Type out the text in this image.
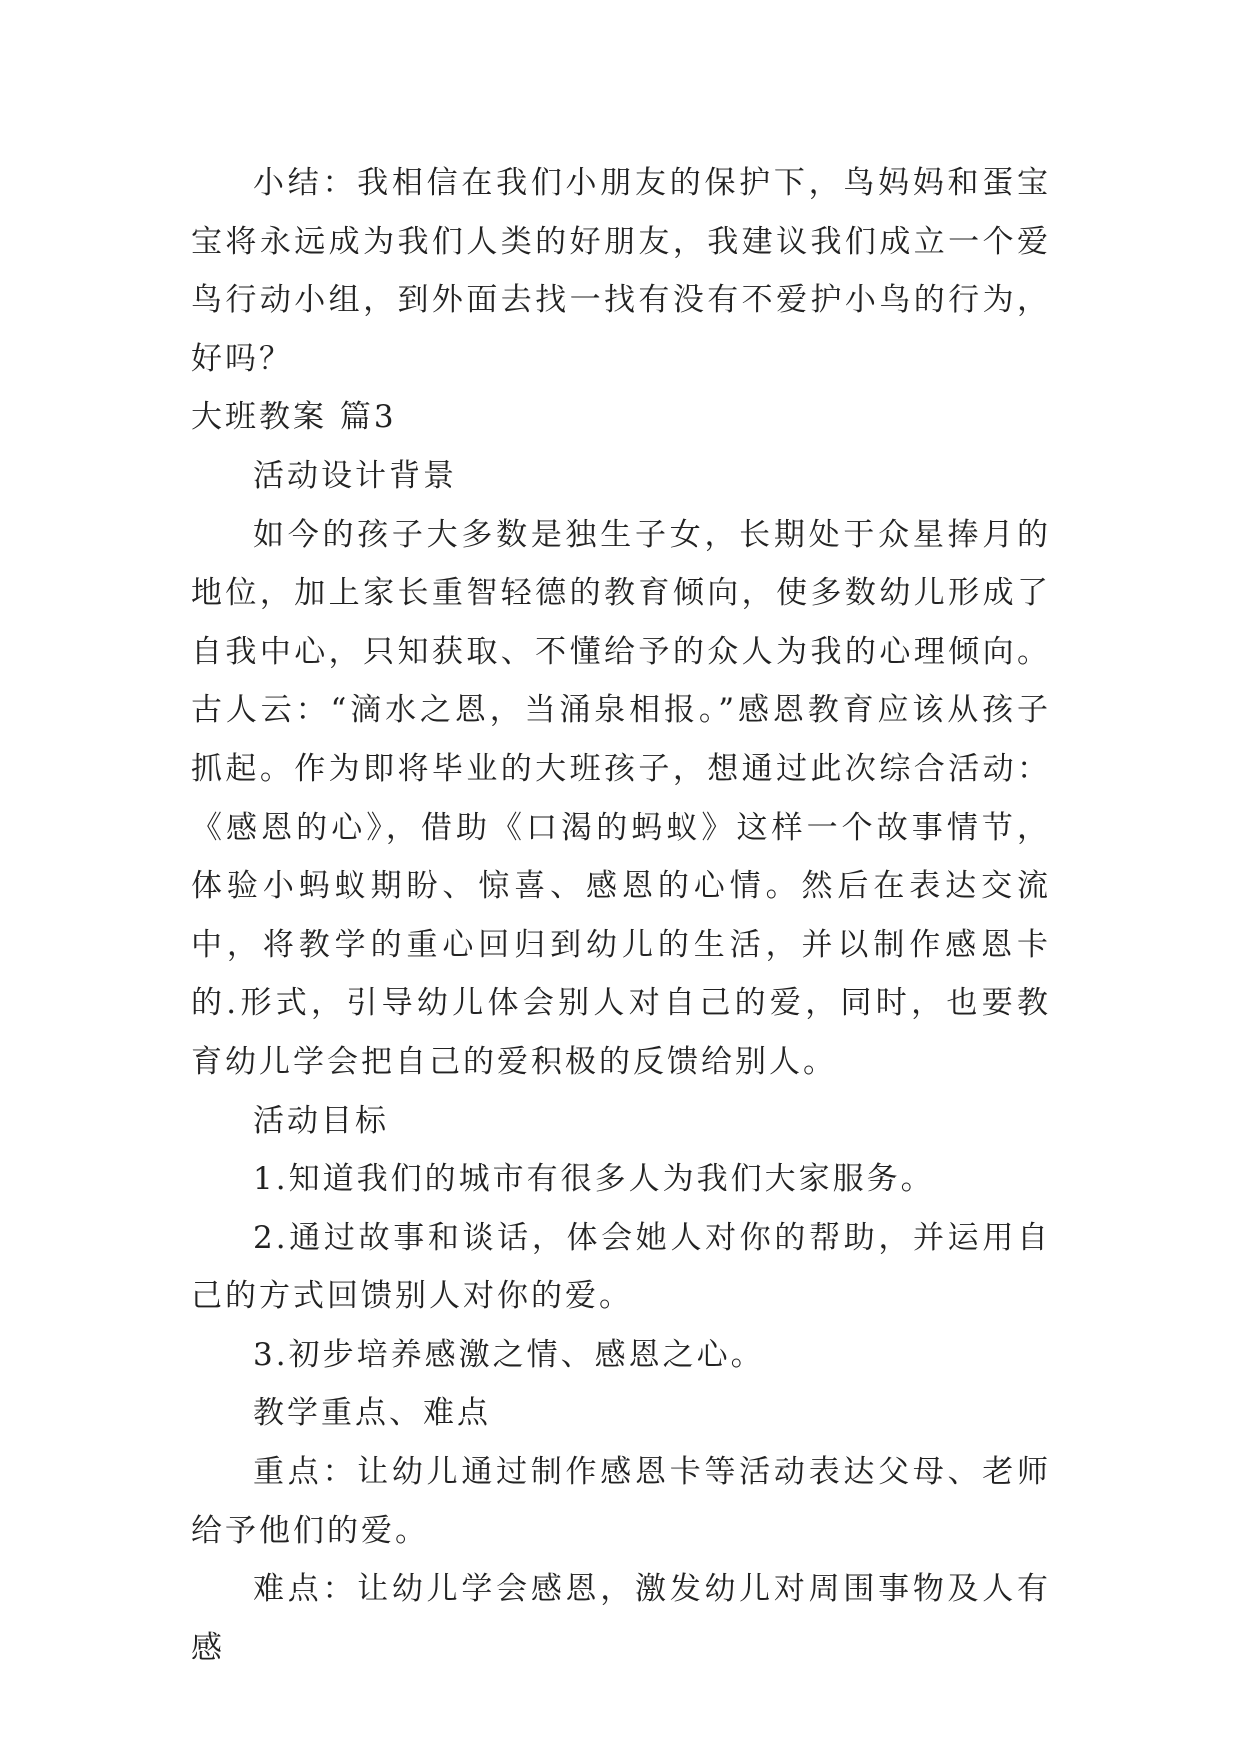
小结：我相信在我们小朋友的保护下，鸟妈妈和蛋宝宝将永远成为我们人类的好朋友，我建议我们成立一个爱鸟行动小组，到外面去找一找有没有不爱护小鸟的行为，好吗？

大班教案 篇3

活动设计背景

如今的孩子大多数是独生子女，长期处于众星捧月的地位，加上家长重智轻德的教育倾向，使多数幼儿形成了自我中心，只知获取、不懂给予的众人为我的心理倾向。古人云：“滴水之恩，当涌泉相报。”感恩教育应该从孩子抓起。作为即将毕业的大班孩子，想通过此次综合活动：《感恩的心》，借助《口渴的蚂蚁》这样一个故事情节，体验小蚂蚁期盼、惊喜、感恩的心情。然后在表达交流中，将教学的重心回归到幼儿的生活，并以制作感恩卡的.形式，引导幼儿体会别人对自己的爱，同时，也要教育幼儿学会把自己的爱积极的反馈给别人。

活动目标

1.知道我们的城市有很多人为我们大家服务。

2.通过故事和谈话，体会她人对你的帮助，并运用自己的方式回馈别人对你的爱。

3.初步培养感激之情、感恩之心。

教学重点、难点

重点：让幼儿通过制作感恩卡等活动表达父母、老师给予他们的爱。

难点：让幼儿学会感恩，激发幼儿对周围事物及人有感
